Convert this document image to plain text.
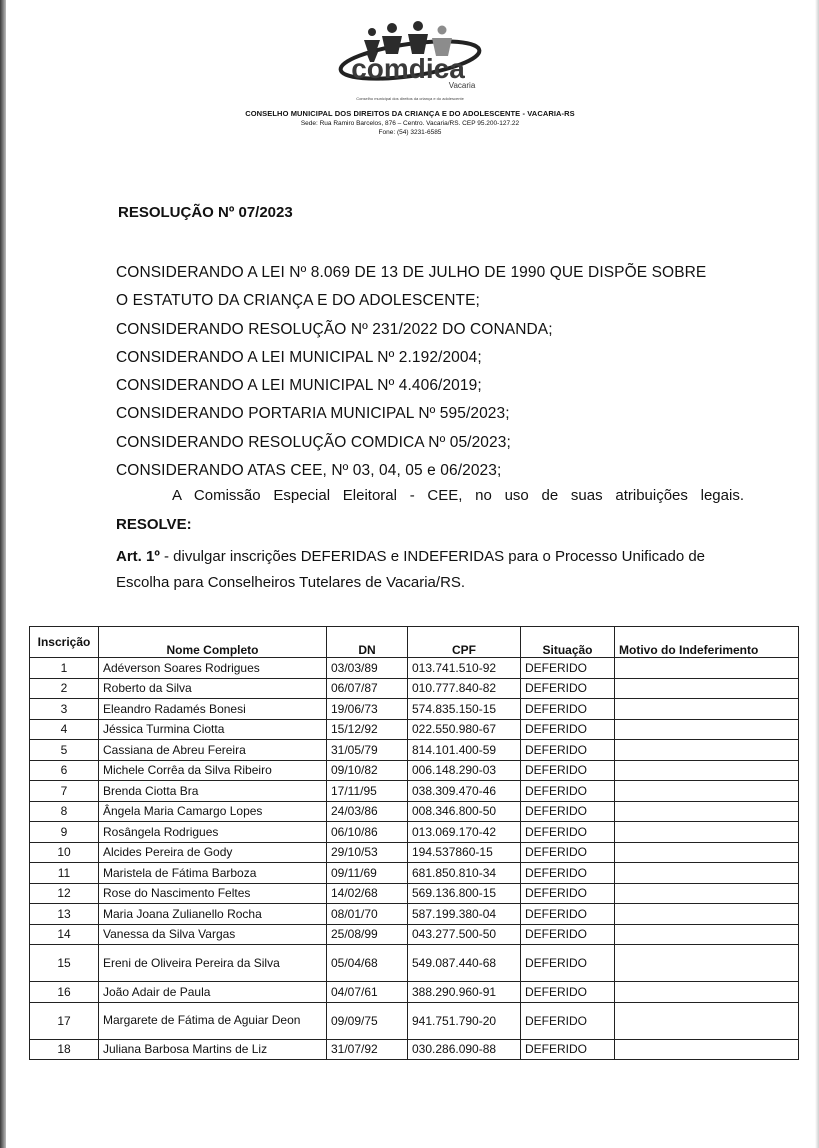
comdica
Vacaria
Conselho municipal dos direitos da criança e do adolescente
CONSELHO MUNICIPAL DOS DIREITOS DA CRIANÇA E DO ADOLESCENTE - VACARIA-RS
Sede: Rua Ramiro Barcelos, 876 – Centro. Vacaria/RS. CEP 95.200-127.22
Fone: (54) 3231-6585
RESOLUÇÃO Nº 07/2023
CONSIDERANDO A LEI Nº 8.069 DE 13 DE JULHO DE 1990 QUE DISPÕE SOBRE
O ESTATUTO DA CRIANÇA E DO ADOLESCENTE;
CONSIDERANDO RESOLUÇÃO Nº 231/2022 DO CONANDA;
CONSIDERANDO A LEI MUNICIPAL Nº 2.192/2004;
CONSIDERANDO A LEI MUNICIPAL Nº 4.406/2019;
CONSIDERANDO PORTARIA MUNICIPAL Nº 595/2023;
CONSIDERANDO RESOLUÇÃO COMDICA Nº 05/2023;
CONSIDERANDO ATAS CEE, Nº 03, 04, 05 e 06/2023;
A Comissão Especial Eleitoral - CEE, no uso de suas atribuições legais.
RESOLVE:
Art. 1º - divulgar inscrições DEFERIDAS e INDEFERIDAS para o Processo Unificado de Escolha para Conselheiros Tutelares de Vacaria/RS.
Inscrição	Nome Completo	DN	CPF	Situação	Motivo do Indeferimento
1	Adéverson Soares Rodrigues	03/03/89	013.741.510-92	DEFERIDO	
2	Roberto da Silva	06/07/87	010.777.840-82	DEFERIDO	
3	Eleandro Radamés Bonesi	19/06/73	574.835.150-15	DEFERIDO	
4	Jéssica Turmina Ciotta	15/12/92	022.550.980-67	DEFERIDO	
5	Cassiana de Abreu Fereira	31/05/79	814.101.400-59	DEFERIDO	
6	Michele Corrêa da Silva Ribeiro	09/10/82	006.148.290-03	DEFERIDO	
7	Brenda Ciotta Bra	17/11/95	038.309.470-46	DEFERIDO	
8	Ângela Maria Camargo Lopes	24/03/86	008.346.800-50	DEFERIDO	
9	Rosângela Rodrigues	06/10/86	013.069.170-42	DEFERIDO	
10	Alcides Pereira de Gody	29/10/53	194.537860-15	DEFERIDO	
11	Maristela de Fátima Barboza	09/11/69	681.850.810-34	DEFERIDO	
12	Rose do Nascimento Feltes	14/02/68	569.136.800-15	DEFERIDO	
13	Maria Joana Zulianello Rocha	08/01/70	587.199.380-04	DEFERIDO	
14	Vanessa da Silva Vargas	25/08/99	043.277.500-50	DEFERIDO	
15	Ereni de Oliveira Pereira da Silva	05/04/68	549.087.440-68	DEFERIDO	
16	João Adair de Paula	04/07/61	388.290.960-91	DEFERIDO	
17	Margarete de Fátima de Aguiar Deon	09/09/75	941.751.790-20	DEFERIDO	
18	Juliana Barbosa Martins de Liz	31/07/92	030.286.090-88	DEFERIDO	
